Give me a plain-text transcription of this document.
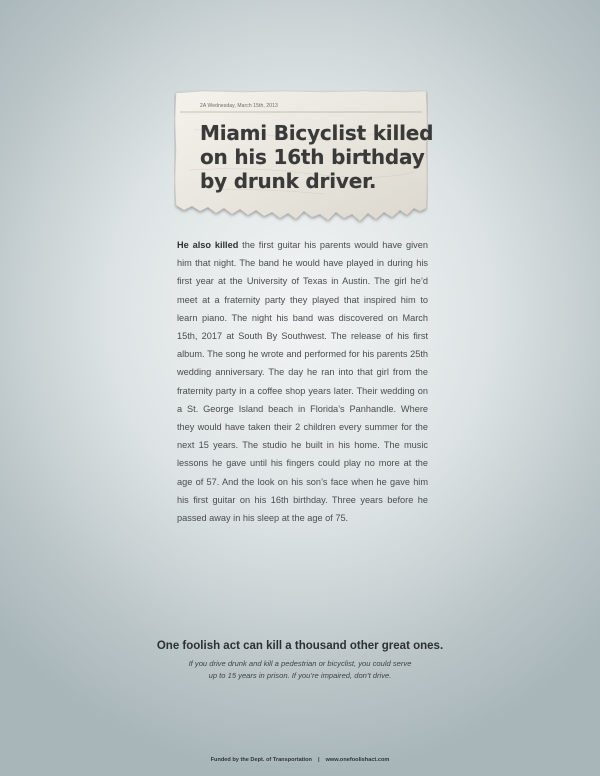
2A Wednesday, March 15th, 2013
Miami Bicyclist killed
on his 16th birthday
by drunk driver.
He also killed the first guitar his parents would have given him that night. The band he would have played in during his first year at the University of Texas in Austin. The girl he’d meet at a fraternity party they played that inspired him to learn piano. The night his band was discovered on March 15th, 2017 at South By Southwest. The release of his first album. The song he wrote and performed for his parents 25th wedding anniversary. The day he ran into that girl from the fraternity party in a coffee shop years later. Their wedding on a St. George Island beach in Florida’s Panhandle. Where they would have taken their 2 children every summer for the next 15 years. The studio he built in his home. The music lessons he gave until his fingers could play no more at the age of 57. And the look on his son’s face when he gave him his first guitar on his 16th birthday. Three years before he passed away in his sleep at the age of 75.
One foolish act can kill a thousand other great ones.
If you drive drunk and kill a pedestrian or bicyclist, you could serve
up to 15 years in prison. If you’re impaired, don’t drive.
Funded by the Dept. of Transportation | www.onefoolishact.com
